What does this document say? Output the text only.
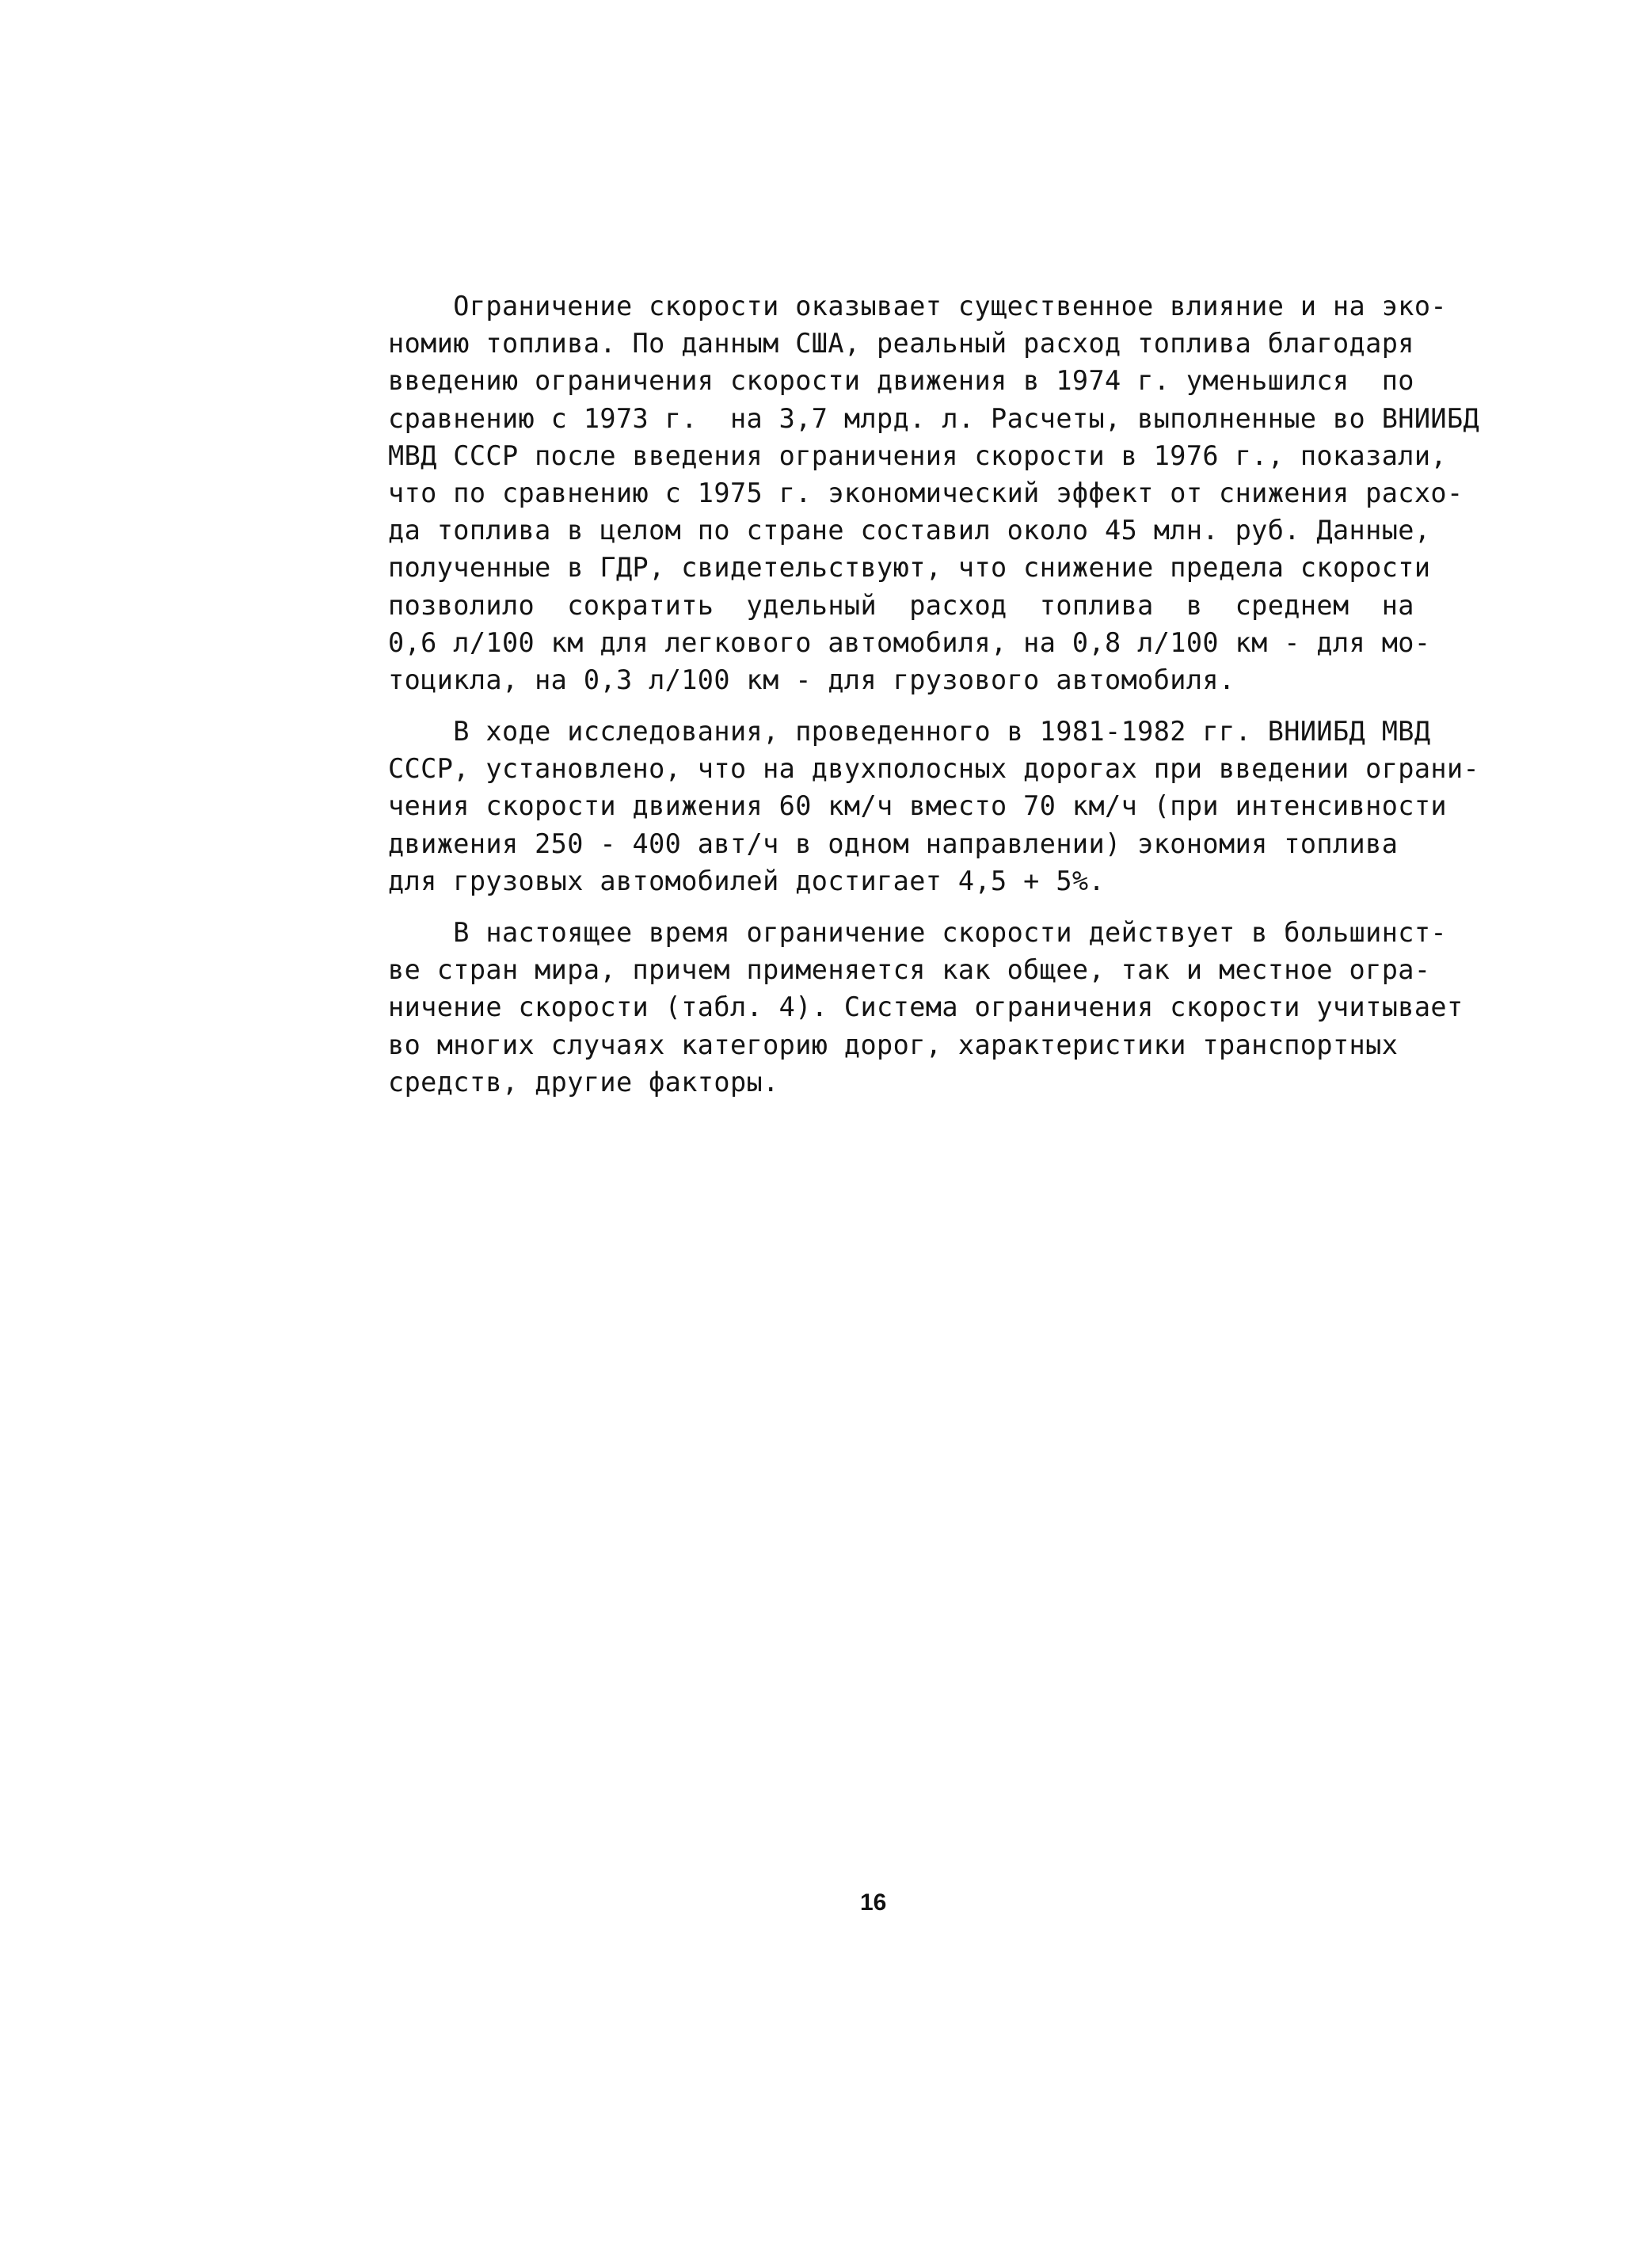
Ограничение скорости оказывает существенное влияние и на эко-
номию топлива. По данным США, реальный расход топлива благодаря
введению ограничения скорости движения в 1974 г. уменьшился  по
сравнению с 1973 г.  на 3,7 млрд. л. Расчеты, выполненные во ВНИИБД
МВД СССР после введения ограничения скорости в 1976 г., показали,
что по сравнению с 1975 г. экономический эффект от снижения расхо-
да топлива в целом по стране составил около 45 млн. руб. Данные,
полученные в ГДР, свидетельствуют, что снижение предела скорости
позволило  сократить  удельный  расход  топлива  в  среднем  на
0,6 л/100 км для легкового автомобиля, на 0,8 л/100 км - для мо-
тоцикла, на 0,3 л/100 км - для грузового автомобиля.
В ходе исследования, проведенного в 1981-1982 гг. ВНИИБД МВД
СССР, установлено, что на двухполосных дорогах при введении ограни-
чения скорости движения 60 км/ч вместо 70 км/ч (при интенсивности
движения 250 - 400 авт/ч в одном направлении) экономия топлива
для грузовых автомобилей достигает 4,5 + 5%.
В настоящее время ограничение скорости действует в большинст-
ве стран мира, причем применяется как общее, так и местное огра-
ничение скорости (табл. 4). Система ограничения скорости учитывает
во многих случаях категорию дорог, характеристики транспортных
средств, другие факторы.
16
